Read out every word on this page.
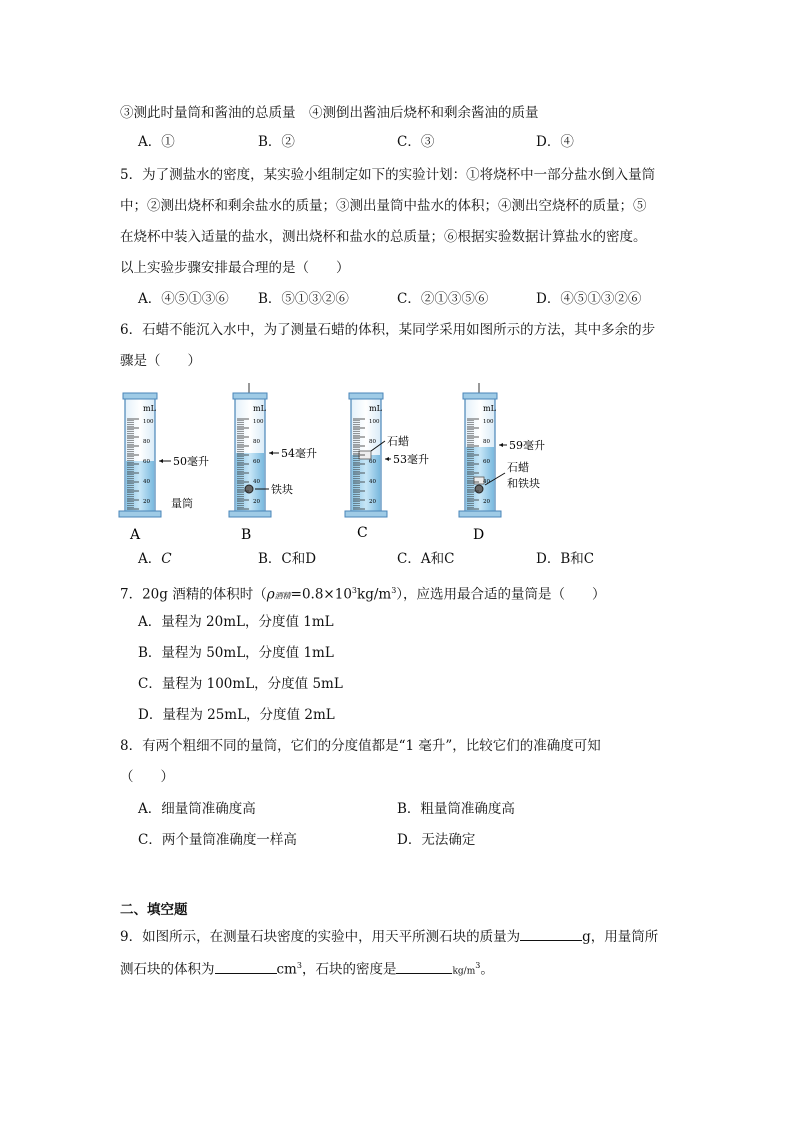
③测此时量筒和酱油的总质量　④测倒出酱油后烧杯和剩余酱油的质量
A．①	B．②	C．③	D．④
5．为了测盐水的密度，某实验小组制定如下的实验计划：①将烧杯中一部分盐水倒入量筒
中；②测出烧杯和剩余盐水的质量；③测出量筒中盐水的体积；④测出空烧杯的质量；⑤
在烧杯中装入适量的盐水，测出烧杯和盐水的总质量；⑥根据实验数据计算盐水的密度。
以上实验步骤安排最合理的是（　　）
A．④⑤①③⑥ B．⑤①③②⑥	C．②①③⑤⑥	D．④⑤①③②⑥
6．石蜡不能沉入水中，为了测量石蜡的体积，某同学采用如图所示的方法，其中多余的步
骤是（　　）
mL
100
80
60
40
20
50毫升
量筒
A
mL
100
80
60
40
20
54毫升
铁块
B
mL
100
80
60
40
20
石蜡
53毫升
C
mL
100
80
60
40
20
59毫升
石蜡
和铁块
D
A．C	B．C和D	C．A和C	D．B和C
7．20g 酒精的体积时（ρ酒精$=0.8\times 10^3kg/m^3$），应选用最合适的量筒是（　　）
A．量程为 20mL，分度值 1mL
B．量程为 50mL，分度值 1mL
C．量程为 100mL，分度值 5mL
D．量程为 25mL，分度值 2mL
8．有两个粗细不同的量筒，它们的分度值都是“1 毫升”，比较它们的准确度可知
（　　）
A．细量筒准确度高	B．粗量筒准确度高
C．两个量筒准确度一样高	D．无法确定
二、填空题
9．如图所示，在测量石块密度的实验中，用天平所测石块的质量为	g，用量筒所
测石块的体积为	$cm^3$，石块的密度是	$kg/m^3$。
